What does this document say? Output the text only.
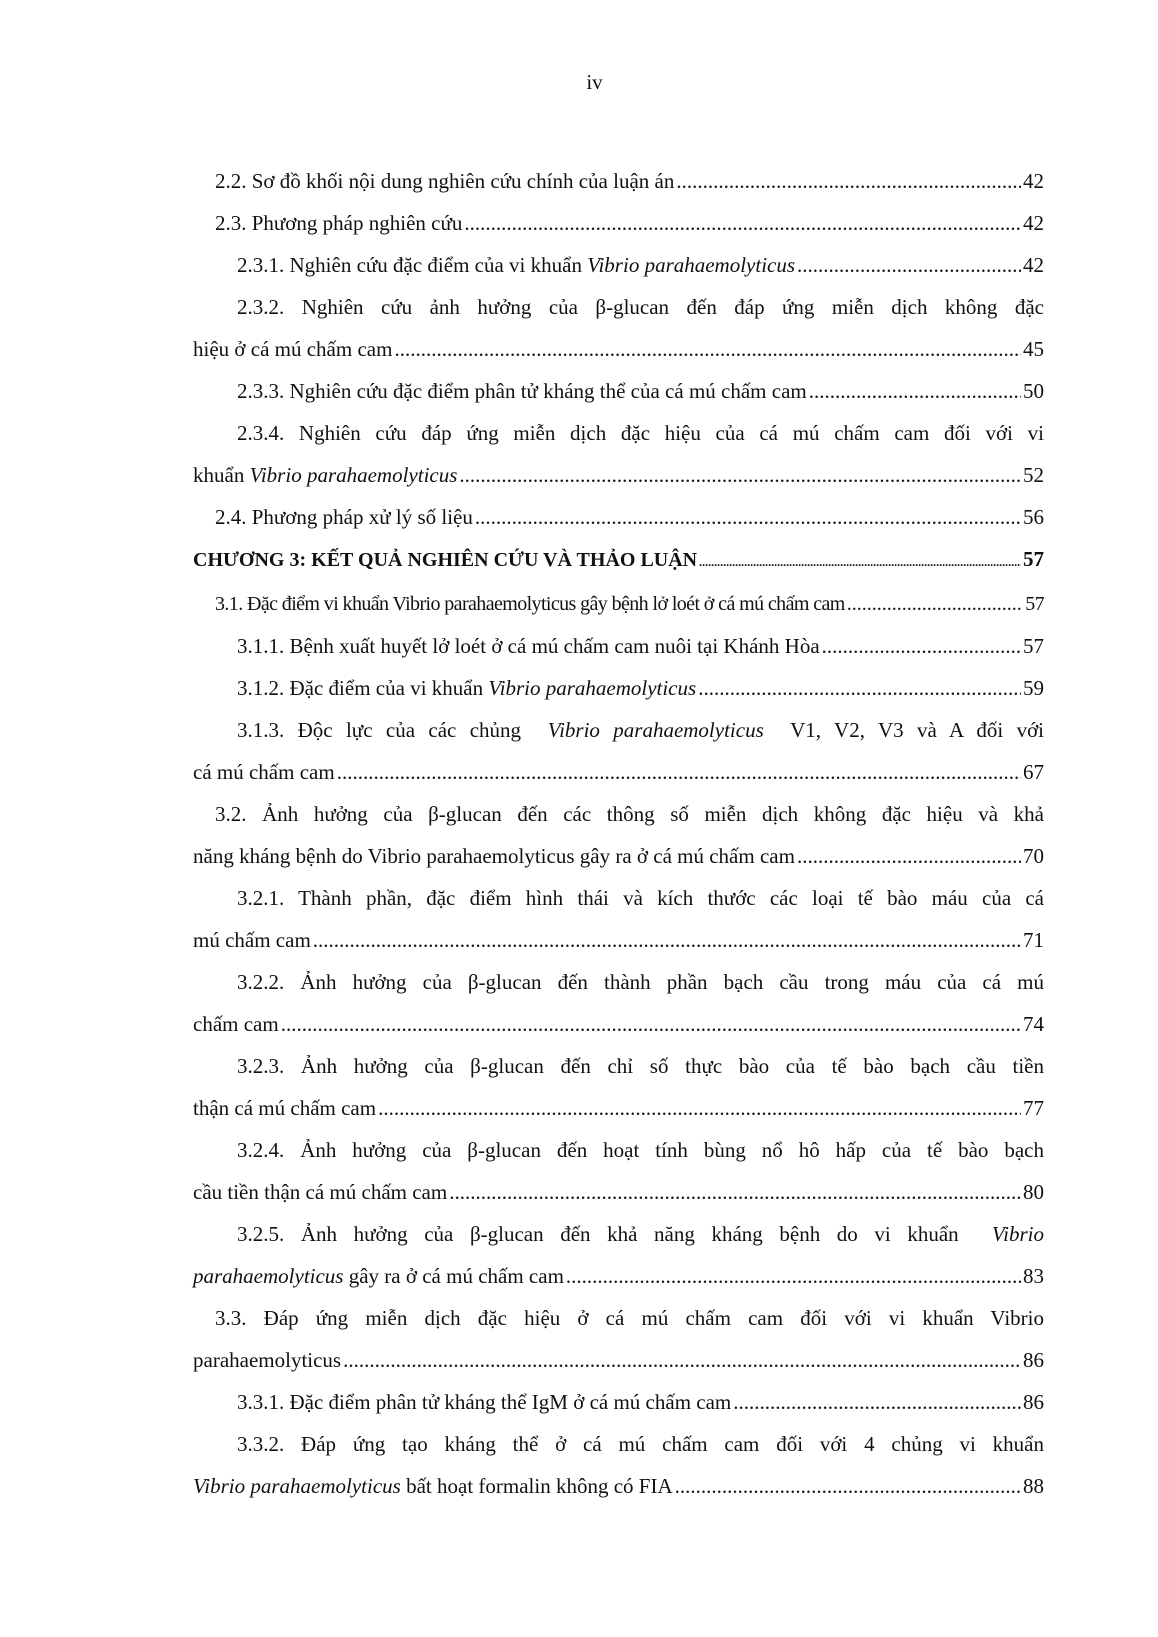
iv
2.2. Sơ đồ khối nội dung nghiên cứu chính của luận án .....	42
2.3. Phương pháp nghiên cứu .....	42
2.3.1. Nghiên cứu đặc điểm của vi khuẩn
Vibrio parahaemolyticus .....	42
2.3.2. Nghiên cứu ảnh hưởng của β-glucan đến đáp ứng miễn dịch không đặc
hiệu ở cá mú chấm cam .....	45
2.3.3. Nghiên cứu đặc điểm phân tử kháng thể của cá mú chấm cam .....	50
2.3.4. Nghiên cứu đáp ứng miễn dịch đặc hiệu của cá mú chấm cam đối với vi
khuẩn
Vibrio parahaemolyticus .....	52
2.4. Phương pháp xử lý số liệu .....	56
CHƯƠNG 3: KẾT QUẢ NGHIÊN CỨU VÀ THẢO LUẬN .....	57
3.1. Đặc điểm vi khuẩn Vibrio parahaemolyticus gây bệnh lở loét ở cá mú chấm cam .....	57
3.1.1. Bệnh xuất huyết lở loét ở cá mú chấm cam nuôi tại Khánh Hòa .....	57
3.1.2. Đặc điểm của vi khuẩn
Vibrio parahaemolyticus .....	59
3.1.3. Độc lực của các chủng  Vibrio parahaemolyticus  V1, V2, V3 và A đối với
cá mú chấm cam .....	67
3.2. Ảnh hưởng của β-glucan đến các thông số miễn dịch không đặc hiệu và khả
năng kháng bệnh do Vibrio parahaemolyticus gây ra ở cá mú chấm cam .....	70
3.2.1. Thành phần, đặc điểm hình thái và kích thước các loại tế bào máu của cá
mú chấm cam .....	71
3.2.2. Ảnh hưởng của β-glucan đến thành phần bạch cầu trong máu của cá mú
chấm cam .....	74
3.2.3. Ảnh hưởng của β-glucan đến chỉ số thực bào của tế bào bạch cầu tiền
thận cá mú chấm cam .....	77
3.2.4. Ảnh hưởng của β-glucan đến hoạt tính bùng nổ hô hấp của tế bào bạch
cầu tiền thận cá mú chấm cam .....	80
3.2.5. Ảnh hưởng của β-glucan đến khả năng kháng bệnh do vi khuẩn  Vibrio
parahaemolyticus gây ra ở cá mú chấm cam .....	83
3.3. Đáp ứng miễn dịch đặc hiệu ở cá mú chấm cam đối với vi khuẩn Vibrio
parahaemolyticus .....	86
3.3.1. Đặc điểm phân tử kháng thể IgM ở cá mú chấm cam .....	86
3.3.2. Đáp ứng tạo kháng thể ở cá mú chấm cam đối với 4 chủng vi khuẩn
Vibrio parahaemolyticus bất hoạt formalin không có FIA .....	88
